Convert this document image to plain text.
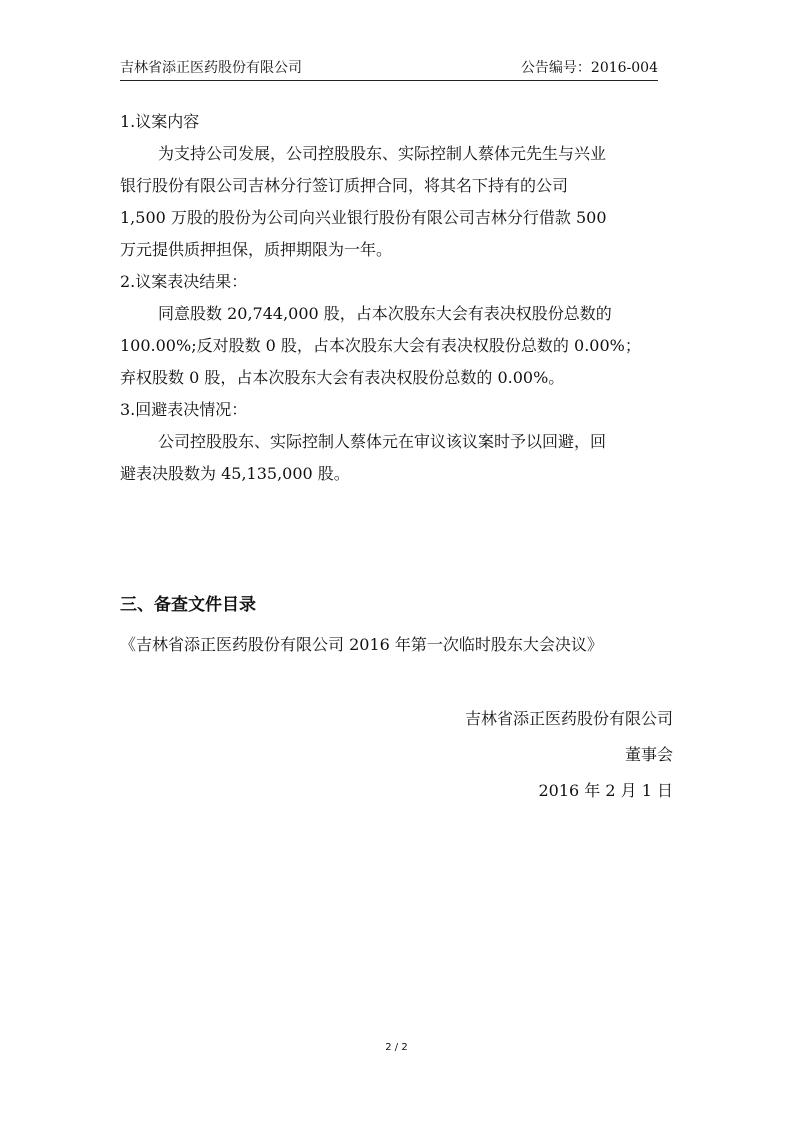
吉林省添正医药股份有限公司	公告编号：2016-004
1.议案内容
为支持公司发展，公司控股股东、实际控制人蔡体元先生与兴业
银行股份有限公司吉林分行签订质押合同，将其名下持有的公司
1,500 万股的股份为公司向兴业银行股份有限公司吉林分行借款 500
万元提供质押担保，质押期限为一年。
2.议案表决结果：
同意股数 20,744,000 股，占本次股东大会有表决权股份总数的
100.00%;反对股数 0 股，占本次股东大会有表决权股份总数的 0.00%；
弃权股数 0 股，占本次股东大会有表决权股份总数的 0.00%。
3.回避表决情况：
公司控股股东、实际控制人蔡体元在审议该议案时予以回避，回
避表决股数为 45,135,000 股。
三、备查文件目录
《吉林省添正医药股份有限公司 2016 年第一次临时股东大会决议》
吉林省添正医药股份有限公司
董事会
2016 年 2 月 1 日
2 / 2
